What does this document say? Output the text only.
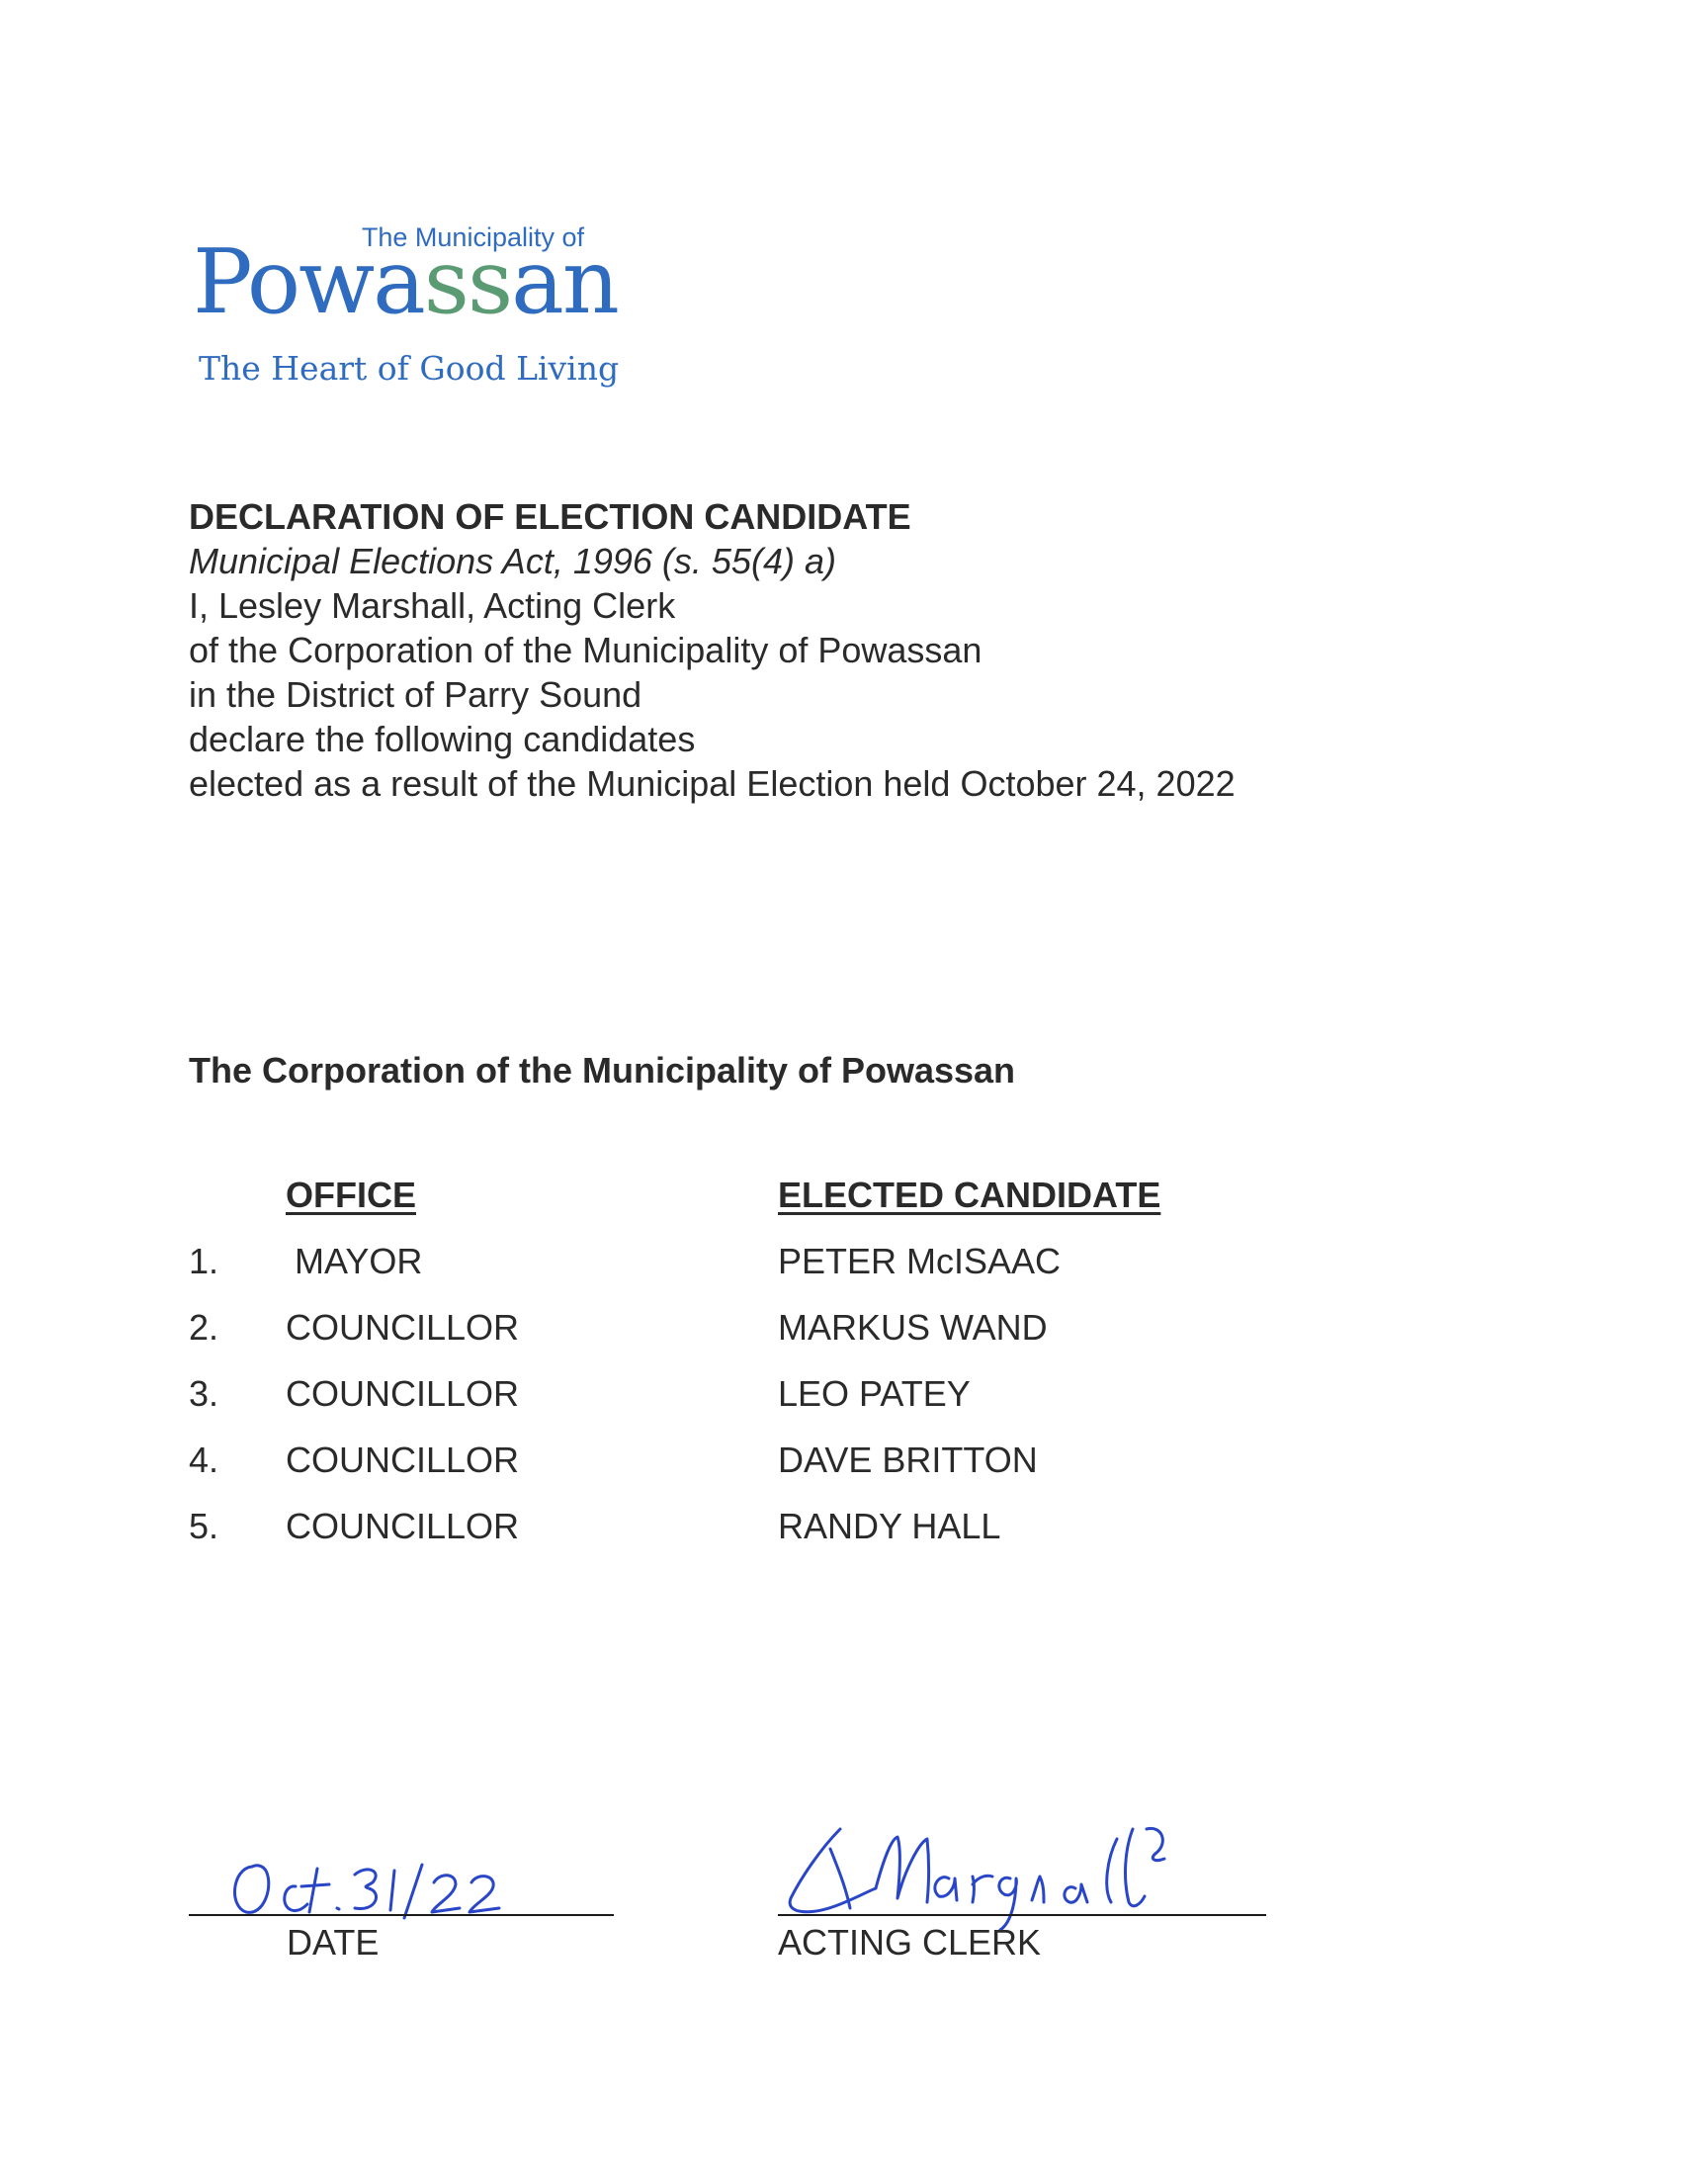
The Municipality of
Powassan
The Heart of Good Living
DECLARATION OF ELECTION CANDIDATE
Municipal Elections Act, 1996 (s. 55(4) a)
I, Lesley Marshall, Acting Clerk
of the Corporation of the Municipality of Powassan
in the District of Parry Sound
declare the following candidates
elected as a result of the Municipal Election held October 24, 2022
The Corporation of the Municipality of Powassan
OFFICE	ELECTED CANDIDATE
1. MAYOR	PETER McISAAC
2. COUNCILLOR	MARKUS WAND
3. COUNCILLOR	LEO PATEY
4. COUNCILLOR	DAVE BRITTON
5. COUNCILLOR	RANDY HALL
DATE	ACTING CLERK
